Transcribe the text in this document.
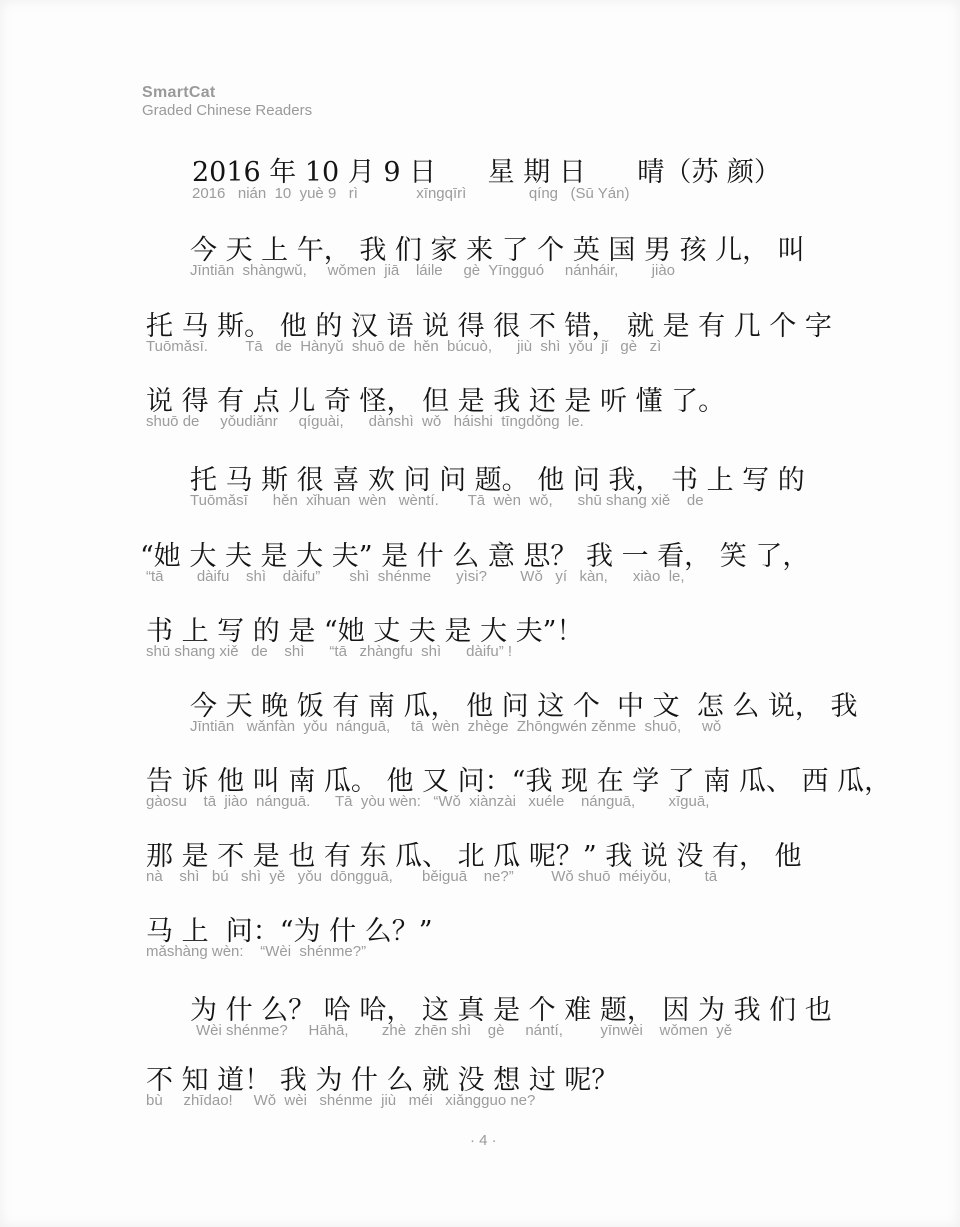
SmartCat
Graded Chinese Readers
2016 年 10 月 9 日      星 期 日      晴（苏 颜）
2016   nián  10  yuè 9   rì              xīngqīrì               qíng   (Sū Yán)
今 天 上 午， 我 们 家 来 了 个 英 国 男 孩 儿， 叫
Jīntiān  shàngwǔ,     wǒmen  jiā    láile     gè  Yīngguó     nánháir,        jiào
托 马 斯。 他 的 汉 语 说 得 很 不 错， 就 是 有 几 个 字
Tuōmǎsī.         Tā   de  Hànyǔ  shuō de  hěn  búcuò,      jiù  shì  yǒu  jǐ   gè   zì
说 得 有 点 儿 奇 怪， 但 是 我 还 是 听 懂 了。
shuō de     yǒudiǎnr     qíguài,      dànshì  wǒ   háishi  tīngdǒng  le.
托 马 斯 很 喜 欢 问 问 题。 他 问 我， 书 上 写 的
Tuōmǎsī      hěn  xǐhuan  wèn   wèntí.       Tā  wèn  wǒ,      shū shang xiě    de
“她 大 夫 是 大 夫” 是 什 么 意 思？ 我 一 看， 笑 了，
“tā        dàifu    shì    dàifu”       shì  shénme      yìsi?        Wǒ   yí   kàn,      xiào  le,
书 上 写 的 是 “她 丈 夫 是 大 夫”！
shū shang xiě   de    shì      “tā   zhàngfu  shì      dàifu” !
今 天 晚 饭 有 南 瓜， 他 问 这 个  中 文  怎 么 说， 我
Jīntiān   wǎnfàn  yǒu  nánguā,     tā  wèn  zhège  Zhōngwén zěnme  shuō,     wǒ
告 诉 他 叫 南 瓜。 他 又 问：“我 现 在 学 了 南 瓜、 西 瓜，
gàosu    tā  jiào  nánguā.      Tā  yòu wèn:   “Wǒ  xiànzài   xuéle    nánguā,        xīguā,
那 是 不 是 也 有 东 瓜、 北 瓜 呢？” 我 说 没 有， 他
nà    shì   bú   shì  yě   yǒu  dōngguā,       běiguā    ne?”         Wǒ shuō  méiyǒu,        tā
马 上  问：“为 什 么？”
mǎshàng wèn:    “Wèi  shénme?”
为 什 么？ 哈 哈， 这 真 是 个 难 题， 因 为 我 们 也
Wèi shénme?     Hāhā,        zhè  zhēn shì    gè     nántí,         yīnwèi    wǒmen  yě
不 知 道！ 我 为 什 么 就 没 想 过 呢？
bù     zhīdao!     Wǒ  wèi   shénme  jiù   méi   xiǎngguo ne?
· 4 ·
